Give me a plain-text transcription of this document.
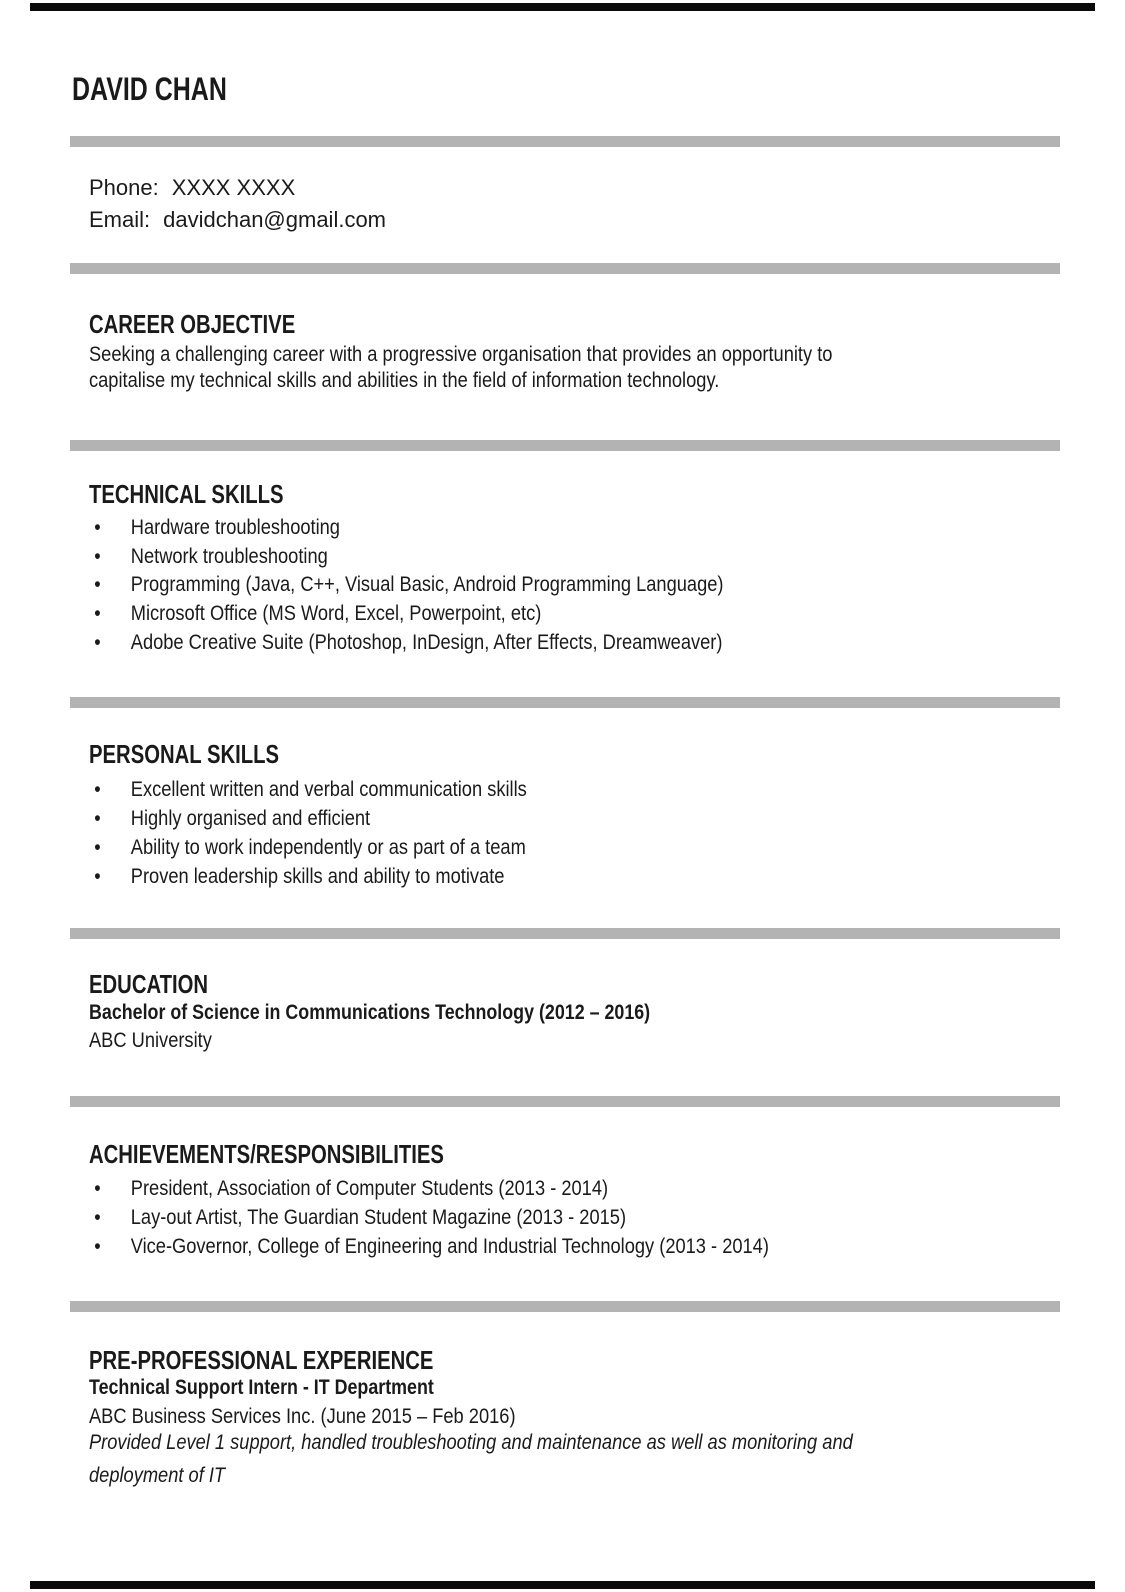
DAVID CHAN
Phone: XXXX XXXX
Email: davidchan@gmail.com
CAREER OBJECTIVE
Seeking a challenging career with a progressive organisation that provides an opportunity to
capitalise my technical skills and abilities in the field of information technology.
TECHNICAL SKILLS
• Hardware troubleshooting
• Network troubleshooting
• Programming (Java, C++, Visual Basic, Android Programming Language)
• Microsoft Office (MS Word, Excel, Powerpoint, etc)
• Adobe Creative Suite (Photoshop, InDesign, After Effects, Dreamweaver)
PERSONAL SKILLS
• Excellent written and verbal communication skills
• Highly organised and efficient
• Ability to work independently or as part of a team
• Proven leadership skills and ability to motivate
EDUCATION
Bachelor of Science in Communications Technology (2012 – 2016)
ABC University
ACHIEVEMENTS/RESPONSIBILITIES
• President, Association of Computer Students (2013 - 2014)
• Lay-out Artist, The Guardian Student Magazine (2013 - 2015)
• Vice-Governor, College of Engineering and Industrial Technology (2013 - 2014)
PRE-PROFESSIONAL EXPERIENCE
Technical Support Intern - IT Department
ABC Business Services Inc. (June 2015 – Feb 2016)
Provided Level 1 support, handled troubleshooting and maintenance as well as monitoring and
deployment of IT
